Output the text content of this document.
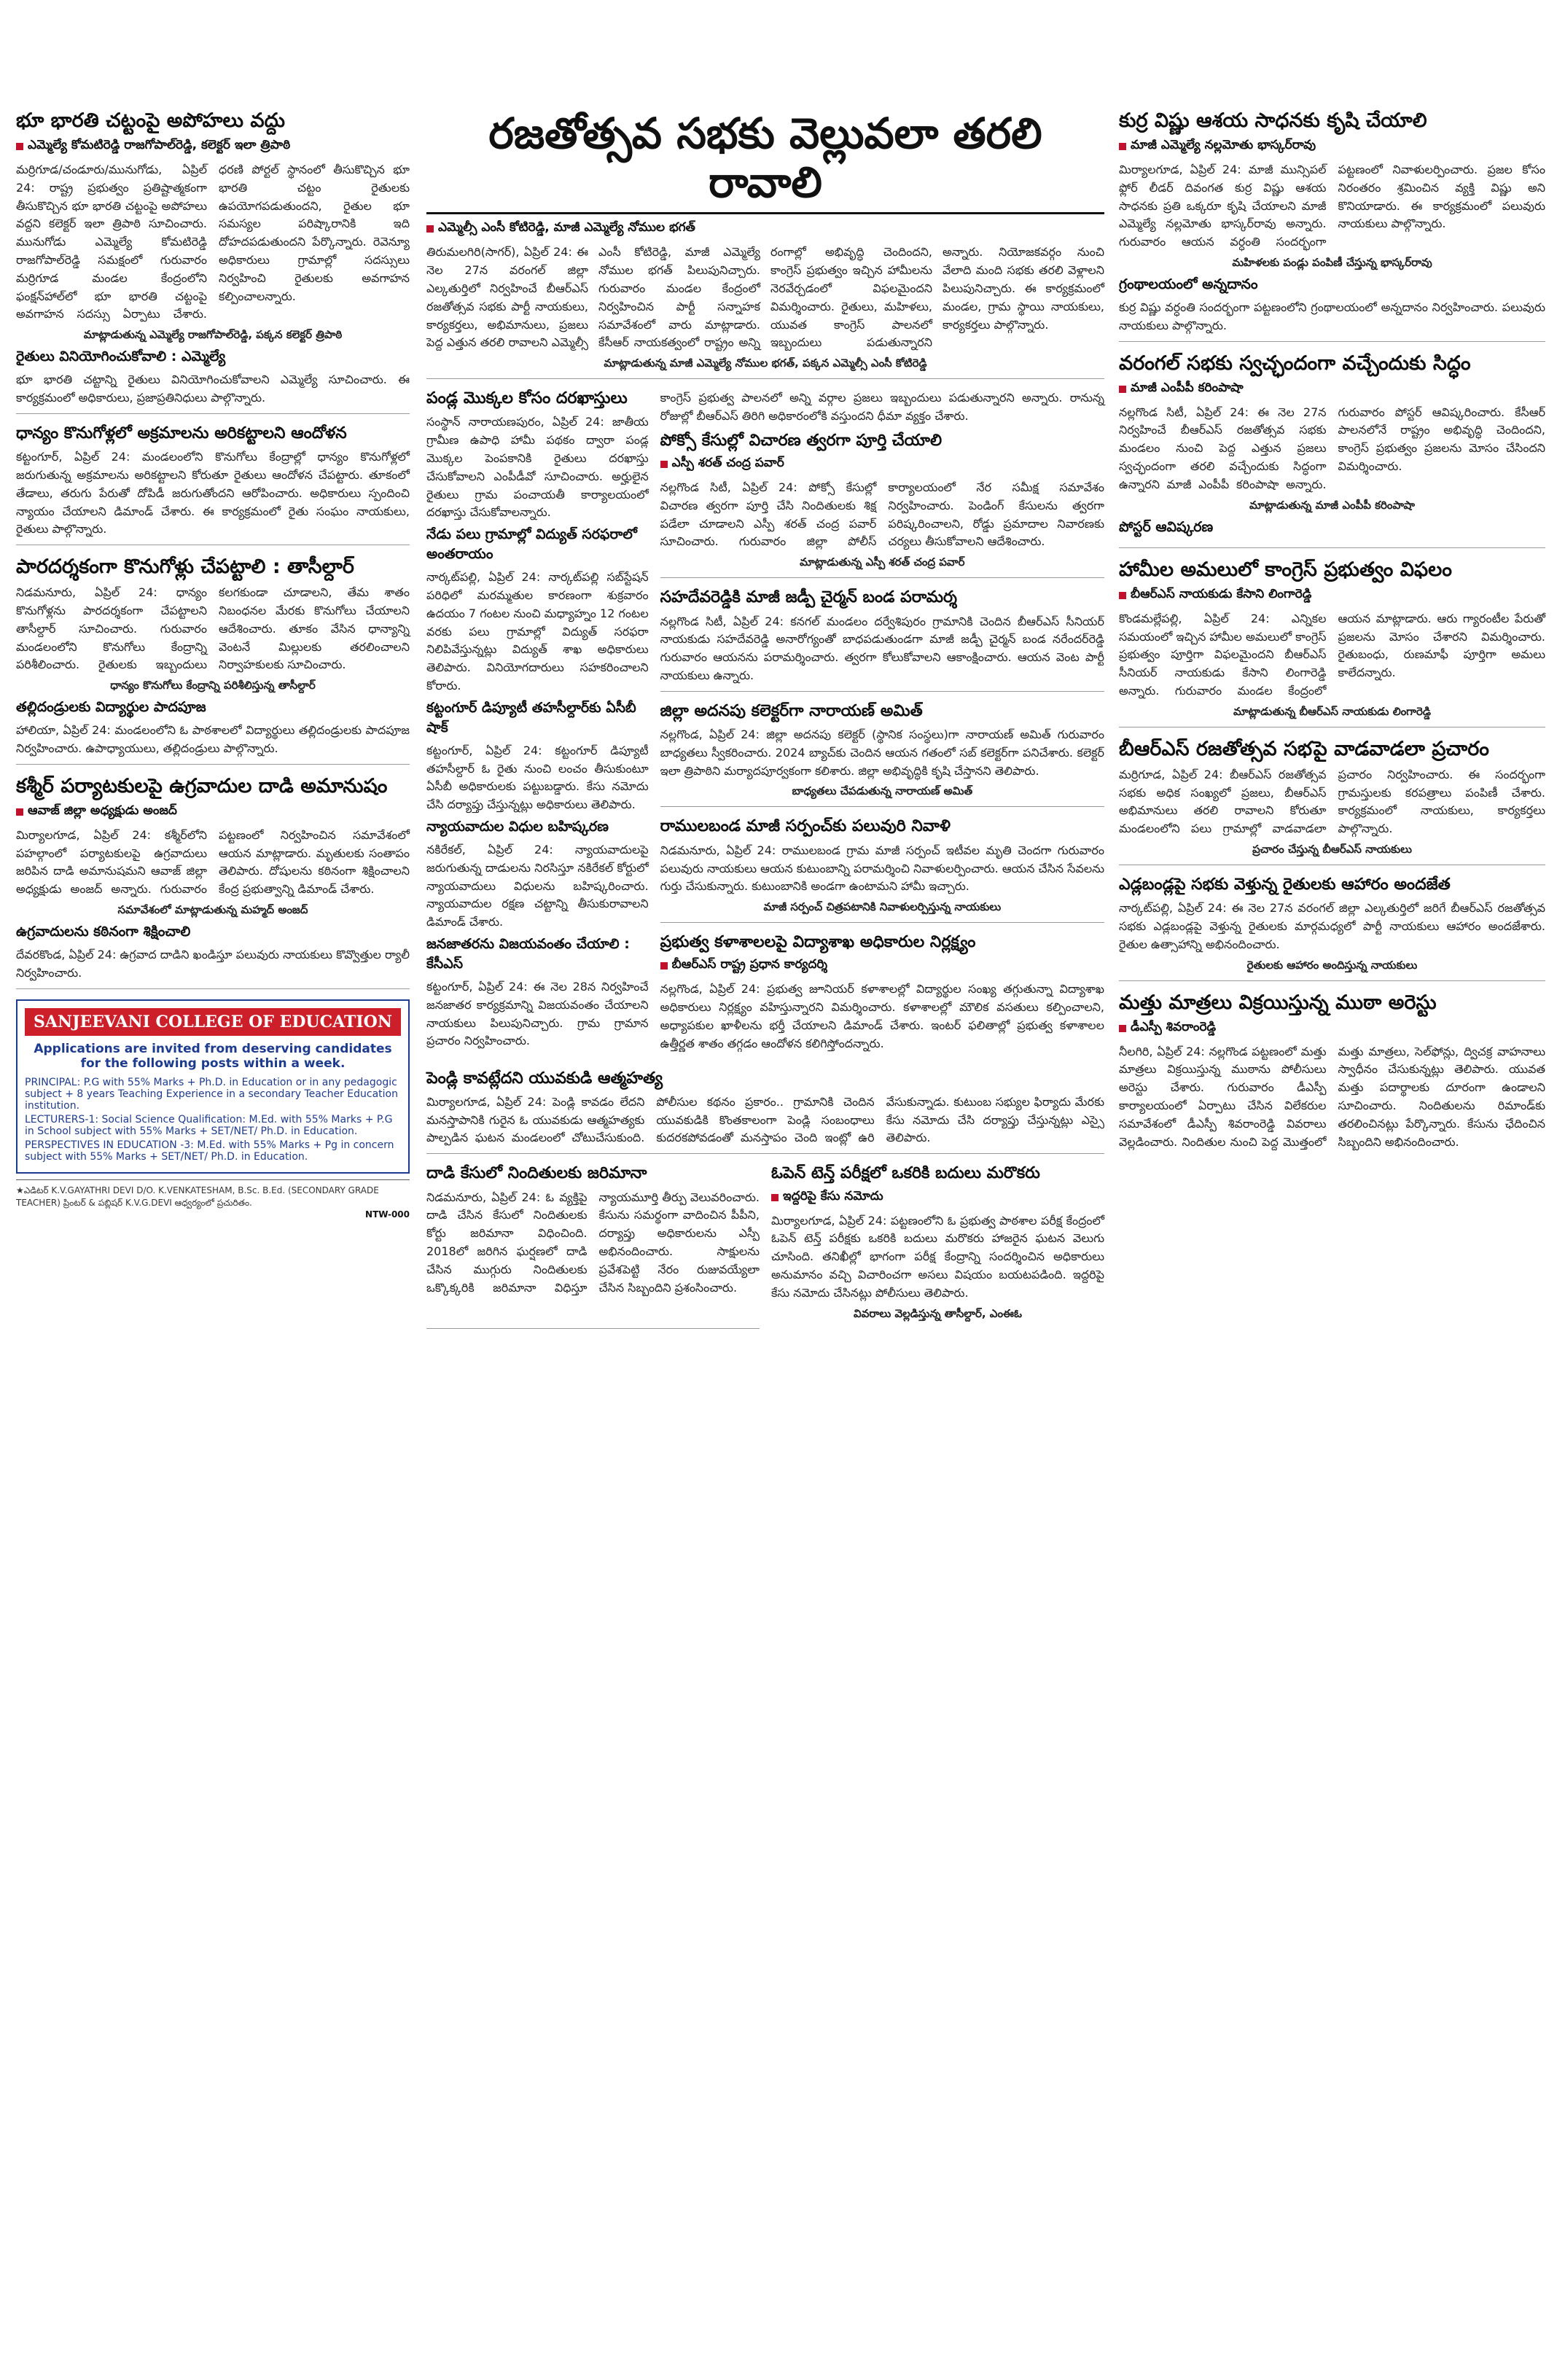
భూ భారతి చట్టంపై అపోహలు వద్దు
ఎమ్మెల్యే కోమటిరెడ్డి రాజగోపాల్‌రెడ్డి, కలెక్టర్ ఇలా త్రిపాఠి

మర్రిగూడ/చండూరు/మునుగోడు, ఏప్రిల్ 24: రాష్ట్ర ప్రభుత్వం ప్రతిష్టాత్మకంగా తీసుకొచ్చిన భూ భారతి చట్టంపై అపోహలు వద్దని కలెక్టర్ ఇలా త్రిపాఠి సూచించారు. మునుగోడు ఎమ్మెల్యే కోమటిరెడ్డి రాజగోపాల్‌రెడ్డి సమక్షంలో గురువారం మర్రిగూడ మండల కేంద్రంలోని ఫంక్షన్‌హాల్‌లో భూ భారతి చట్టంపై అవగాహన సదస్సు ఏర్పాటు చేశారు. ధరణి పోర్టల్ స్థానంలో తీసుకొచ్చిన భూ భారతి చట్టం రైతులకు ఉపయోగపడుతుందని, రైతుల భూ సమస్యల పరిష్కారానికి ఇది దోహదపడుతుందని పేర్కొన్నారు. రెవెన్యూ అధికారులు గ్రామాల్లో సదస్సులు నిర్వహించి రైతులకు అవగాహన కల్పించాలన్నారు.

మాట్లాడుతున్న ఎమ్మెల్యే రాజగోపాల్‌రెడ్డి, పక్కన కలెక్టర్ త్రిపాఠి
రైతులు వినియోగించుకోవాలి : ఎమ్మెల్యే

భూ భారతి చట్టాన్ని రైతులు వినియోగించుకోవాలని ఎమ్మెల్యే సూచించారు. ఈ కార్యక్రమంలో అధికారులు, ప్రజాప్రతినిధులు పాల్గొన్నారు.

ధాన్యం కొనుగోళ్లలో అక్రమాలను అరికట్టాలని ఆందోళన

కట్టంగూర్, ఏప్రిల్ 24: మండలంలోని కొనుగోలు కేంద్రాల్లో ధాన్యం కొనుగోళ్లలో జరుగుతున్న అక్రమాలను అరికట్టాలని కోరుతూ రైతులు ఆందోళన చేపట్టారు. తూకంలో తేడాలు, తరుగు పేరుతో దోపిడీ జరుగుతోందని ఆరోపించారు. అధికారులు స్పందించి న్యాయం చేయాలని డిమాండ్ చేశారు. ఈ కార్యక్రమంలో రైతు సంఘం నాయకులు, రైతులు పాల్గొన్నారు.

పారదర్శకంగా కొనుగోళ్లు చేపట్టాలి : తాసీల్దార్

నిడమనూరు, ఏప్రిల్ 24: ధాన్యం కొనుగోళ్లను పారదర్శకంగా చేపట్టాలని తాసీల్దార్ సూచించారు. గురువారం మండలంలోని కొనుగోలు కేంద్రాన్ని పరిశీలించారు. రైతులకు ఇబ్బందులు కలగకుండా చూడాలని, తేమ శాతం నిబంధనల మేరకు కొనుగోలు చేయాలని ఆదేశించారు. తూకం వేసిన ధాన్యాన్ని వెంటనే మిల్లులకు తరలించాలని నిర్వాహకులకు సూచించారు.

ధాన్యం కొనుగోలు కేంద్రాన్ని పరిశీలిస్తున్న తాసీల్దార్
తల్లిదండ్రులకు విద్యార్థుల పాదపూజ

హాలియా, ఏప్రిల్ 24: మండలంలోని ఓ పాఠశాలలో విద్యార్థులు తల్లిదండ్రులకు పాదపూజ నిర్వహించారు. ఉపాధ్యాయులు, తల్లిదండ్రులు పాల్గొన్నారు.

కశ్మీర్ పర్యాటకులపై ఉగ్రవాదుల దాడి అమానుషం
ఆవాజ్ జిల్లా అధ్యక్షుడు అంజద్

మిర్యాలగూడ, ఏప్రిల్ 24: కశ్మీర్‌లోని పహల్గాంలో పర్యాటకులపై ఉగ్రవాదులు జరిపిన దాడి అమానుషమని ఆవాజ్ జిల్లా అధ్యక్షుడు అంజద్ అన్నారు. గురువారం పట్టణంలో నిర్వహించిన సమావేశంలో ఆయన మాట్లాడారు. మృతులకు సంతాపం తెలిపారు. దోషులను కఠినంగా శిక్షించాలని కేంద్ర ప్రభుత్వాన్ని డిమాండ్ చేశారు.

సమావేశంలో మాట్లాడుతున్న మహ్మద్ అంజద్
ఉగ్రవాదులను కఠినంగా శిక్షించాలి

దేవరకొండ, ఏప్రిల్ 24: ఉగ్రవాద దాడిని ఖండిస్తూ పలువురు నాయకులు కొవ్వొత్తుల ర్యాలీ నిర్వహించారు.

SANJEEVANI COLLEGE OF EDUCATION
Applications are invited from deserving candidates for the following posts within a week.
PRINCIPAL: P.G with 55% Marks + Ph.D. in Education or in any pedagogic subject + 8 years Teaching Experience in a secondary Teacher Education institution.
LECTURERS-1: Social Science Qualification: M.Ed. with 55% Marks + P.G in School subject with 55% Marks + SET/NET/ Ph.D. in Education.
PERSPECTIVES IN EDUCATION -3: M.Ed. with 55% Marks + Pg in concern subject with 55% Marks + SET/NET/ Ph.D. in Education.
★ఎడిటర్ K.V.GAYATHRI DEVI D/O. K.VENKATESHAM, B.Sc. B.Ed. (SECONDARY GRADE TEACHER) ప్రింటర్ & పబ్లిషర్ K.V.G.DEVI ఆధ్వర్యంలో ప్రచురితం.
NTW-000
రజతోత్సవ సభకు వెల్లువలా తరలి రావాలి
ఎమ్మెల్సీ ఎంసీ కోటిరెడ్డి, మాజీ ఎమ్మెల్యే నోముల భగత్

తిరుమలగిరి(సాగర్), ఏప్రిల్ 24: ఈ నెల 27న వరంగల్ జిల్లా ఎల్కతుర్తిలో నిర్వహించే బీఆర్ఎస్ రజతోత్సవ సభకు పార్టీ నాయకులు, కార్యకర్తలు, అభిమానులు, ప్రజలు పెద్ద ఎత్తున తరలి రావాలని ఎమ్మెల్సీ ఎంసీ కోటిరెడ్డి, మాజీ ఎమ్మెల్యే నోముల భగత్ పిలుపునిచ్చారు. గురువారం మండల కేంద్రంలో నిర్వహించిన పార్టీ సన్నాహక సమావేశంలో వారు మాట్లాడారు. కేసీఆర్ నాయకత్వంలో రాష్ట్రం అన్ని రంగాల్లో అభివృద్ధి చెందిందని, కాంగ్రెస్ ప్రభుత్వం ఇచ్చిన హామీలను నెరవేర్చడంలో విఫలమైందని విమర్శించారు. రైతులు, మహిళలు, యువత కాంగ్రెస్ పాలనలో ఇబ్బందులు పడుతున్నారని అన్నారు. నియోజకవర్గం నుంచి వేలాది మంది సభకు తరలి వెళ్లాలని పిలుపునిచ్చారు. ఈ కార్యక్రమంలో మండల, గ్రామ స్థాయి నాయకులు, కార్యకర్తలు పాల్గొన్నారు.

మాట్లాడుతున్న మాజీ ఎమ్మెల్యే నోముల భగత్, పక్కన ఎమ్మెల్సీ ఎంసీ కోటిరెడ్డి
పండ్ల మొక్కల కోసం దరఖాస్తులు

సంస్థాన్ నారాయణపురం, ఏప్రిల్ 24: జాతీయ గ్రామీణ ఉపాధి హామీ పథకం ద్వారా పండ్ల మొక్కల పెంపకానికి రైతులు దరఖాస్తు చేసుకోవాలని ఎంపీడీవో సూచించారు. అర్హులైన రైతులు గ్రామ పంచాయతీ కార్యాలయంలో దరఖాస్తు చేసుకోవాలన్నారు.

నేడు పలు గ్రామాల్లో విద్యుత్ సరఫరాలో అంతరాయం

నార్కట్‌పల్లి, ఏప్రిల్ 24: నార్కట్‌పల్లి సబ్‌స్టేషన్ పరిధిలో మరమ్మతుల కారణంగా శుక్రవారం ఉదయం 7 గంటల నుంచి మధ్యాహ్నం 12 గంటల వరకు పలు గ్రామాల్లో విద్యుత్ సరఫరా నిలిపివేస్తున్నట్లు విద్యుత్ శాఖ అధికారులు తెలిపారు. వినియోగదారులు సహకరించాలని కోరారు.

కట్టంగూర్ డిప్యూటీ తహసీల్దార్‌కు ఏసీబీ షాక్

కట్టంగూర్, ఏప్రిల్ 24: కట్టంగూర్ డిప్యూటీ తహసీల్దార్ ఓ రైతు నుంచి లంచం తీసుకుంటూ ఏసీబీ అధికారులకు పట్టుబడ్డారు. కేసు నమోదు చేసి దర్యాప్తు చేస్తున్నట్లు అధికారులు తెలిపారు.

న్యాయవాదుల విధుల బహిష్కరణ

నకిరేకల్, ఏప్రిల్ 24: న్యాయవాదులపై జరుగుతున్న దాడులను నిరసిస్తూ నకిరేకల్ కోర్టులో న్యాయవాదులు విధులను బహిష్కరించారు. న్యాయవాదుల రక్షణ చట్టాన్ని తీసుకురావాలని డిమాండ్ చేశారు.

జనజాతరను విజయవంతం చేయాలి : కేసీఎస్

కట్టంగూర్, ఏప్రిల్ 24: ఈ నెల 28న నిర్వహించే జనజాతర కార్యక్రమాన్ని విజయవంతం చేయాలని నాయకులు పిలుపునిచ్చారు. గ్రామ గ్రామాన ప్రచారం నిర్వహించారు.

కాంగ్రెస్ ప్రభుత్వ పాలనలో అన్ని వర్గాల ప్రజలు ఇబ్బందులు పడుతున్నారని అన్నారు. రానున్న రోజుల్లో బీఆర్ఎస్ తిరిగి అధికారంలోకి వస్తుందని ధీమా వ్యక్తం చేశారు.

పోక్సో కేసుల్లో విచారణ త్వరగా పూర్తి చేయాలి
ఎస్పీ శరత్ చంద్ర పవార్

నల్లగొండ సిటీ, ఏప్రిల్ 24: పోక్సో కేసుల్లో విచారణ త్వరగా పూర్తి చేసి నిందితులకు శిక్ష పడేలా చూడాలని ఎస్పీ శరత్ చంద్ర పవార్ సూచించారు. గురువారం జిల్లా పోలీస్ కార్యాలయంలో నేర సమీక్ష సమావేశం నిర్వహించారు. పెండింగ్ కేసులను త్వరగా పరిష్కరించాలని, రోడ్డు ప్రమాదాల నివారణకు చర్యలు తీసుకోవాలని ఆదేశించారు.

మాట్లాడుతున్న ఎస్పీ శరత్ చంద్ర పవార్
సహదేవరెడ్డికి మాజీ జడ్పీ చైర్మన్ బండ పరామర్శ

నల్లగొండ సిటీ, ఏప్రిల్ 24: కనగల్ మండలం దర్వేశిపురం గ్రామానికి చెందిన బీఆర్ఎస్ సీనియర్ నాయకుడు సహదేవరెడ్డి అనారోగ్యంతో బాధపడుతుండగా మాజీ జడ్పీ చైర్మన్ బండ నరేందర్‌రెడ్డి గురువారం ఆయనను పరామర్శించారు. త్వరగా కోలుకోవాలని ఆకాంక్షించారు. ఆయన వెంట పార్టీ నాయకులు ఉన్నారు.

జిల్లా అదనపు కలెక్టర్‌గా నారాయణ్ అమిత్

నల్లగొండ, ఏప్రిల్ 24: జిల్లా అదనపు కలెక్టర్ (స్థానిక సంస్థలు)గా నారాయణ్ అమిత్ గురువారం బాధ్యతలు స్వీకరించారు. 2024 బ్యాచ్‌కు చెందిన ఆయన గతంలో సబ్ కలెక్టర్‌గా పనిచేశారు. కలెక్టర్ ఇలా త్రిపాఠిని మర్యాదపూర్వకంగా కలిశారు. జిల్లా అభివృద్ధికి కృషి చేస్తానని తెలిపారు.

బాధ్యతలు చేపడుతున్న నారాయణ్ అమిత్
రాములబండ మాజీ సర్పంచ్‌కు పలువురి నివాళి

నిడమనూరు, ఏప్రిల్ 24: రాములబండ గ్రామ మాజీ సర్పంచ్ ఇటీవల మృతి చెందగా గురువారం పలువురు నాయకులు ఆయన కుటుంబాన్ని పరామర్శించి నివాళులర్పించారు. ఆయన చేసిన సేవలను గుర్తు చేసుకున్నారు. కుటుంబానికి అండగా ఉంటామని హామీ ఇచ్చారు.

మాజీ సర్పంచ్ చిత్రపటానికి నివాళులర్పిస్తున్న నాయకులు
ప్రభుత్వ కళాశాలలపై విద్యాశాఖ అధికారుల నిర్లక్ష్యం
బీఆర్ఎస్ రాష్ట్ర ప్రధాన కార్యదర్శి

నల్లగొండ, ఏప్రిల్ 24: ప్రభుత్వ జూనియర్ కళాశాలల్లో విద్యార్థుల సంఖ్య తగ్గుతున్నా విద్యాశాఖ అధికారులు నిర్లక్ష్యం వహిస్తున్నారని విమర్శించారు. కళాశాలల్లో మౌలిక వసతులు కల్పించాలని, అధ్యాపకుల ఖాళీలను భర్తీ చేయాలని డిమాండ్ చేశారు. ఇంటర్ ఫలితాల్లో ప్రభుత్వ కళాశాలల ఉత్తీర్ణత శాతం తగ్గడం ఆందోళన కలిగిస్తోందన్నారు.

పెండ్లి కావట్లేదని యువకుడి ఆత్మహత్య

మిర్యాలగూడ, ఏప్రిల్ 24: పెండ్లి కావడం లేదని మనస్తాపానికి గురైన ఓ యువకుడు ఆత్మహత్యకు పాల్పడిన ఘటన మండలంలో చోటుచేసుకుంది. పోలీసుల కథనం ప్రకారం.. గ్రామానికి చెందిన యువకుడికి కొంతకాలంగా పెండ్లి సంబంధాలు కుదరకపోవడంతో మనస్తాపం చెంది ఇంట్లో ఉరి వేసుకున్నాడు. కుటుంబ సభ్యుల ఫిర్యాదు మేరకు కేసు నమోదు చేసి దర్యాప్తు చేస్తున్నట్లు ఎస్సై తెలిపారు.

దాడి కేసులో నిందితులకు జరిమానా

నిడమనూరు, ఏప్రిల్ 24: ఓ వ్యక్తిపై దాడి చేసిన కేసులో నిందితులకు కోర్టు జరిమానా విధించింది. 2018లో జరిగిన ఘర్షణలో దాడి చేసిన ముగ్గురు నిందితులకు ఒక్కొక్కరికి జరిమానా విధిస్తూ న్యాయమూర్తి తీర్పు వెలువరించారు. కేసును సమర్థంగా వాదించిన పీపీని, దర్యాప్తు అధికారులను ఎస్పీ అభినందించారు. సాక్షులను ప్రవేశపెట్టి నేరం రుజువయ్యేలా చేసిన సిబ్బందిని ప్రశంసించారు.

ఓపెన్ టెన్త్ పరీక్షలో ఒకరికి బదులు మరొకరు
ఇద్దరిపై కేసు నమోదు

మిర్యాలగూడ, ఏప్రిల్ 24: పట్టణంలోని ఓ ప్రభుత్వ పాఠశాల పరీక్ష కేంద్రంలో ఓపెన్ టెన్త్ పరీక్షకు ఒకరికి బదులు మరొకరు హాజరైన ఘటన వెలుగు చూసింది. తనిఖీల్లో భాగంగా పరీక్ష కేంద్రాన్ని సందర్శించిన అధికారులు అనుమానం వచ్చి విచారించగా అసలు విషయం బయటపడింది. ఇద్దరిపై కేసు నమోదు చేసినట్లు పోలీసులు తెలిపారు.

వివరాలు వెల్లడిస్తున్న తాసీల్దార్, ఎంఈఓ
కుర్ర విష్ణు ఆశయ సాధనకు కృషి చేయాలి
మాజీ ఎమ్మెల్యే నల్లమోతు భాస్కర్‌రావు

మిర్యాలగూడ, ఏప్రిల్ 24: మాజీ మున్సిపల్ ఫ్లోర్ లీడర్ దివంగత కుర్ర విష్ణు ఆశయ సాధనకు ప్రతి ఒక్కరూ కృషి చేయాలని మాజీ ఎమ్మెల్యే నల్లమోతు భాస్కర్‌రావు అన్నారు. గురువారం ఆయన వర్ధంతి సందర్భంగా పట్టణంలో నివాళులర్పించారు. ప్రజల కోసం నిరంతరం శ్రమించిన వ్యక్తి విష్ణు అని కొనియాడారు. ఈ కార్యక్రమంలో పలువురు నాయకులు పాల్గొన్నారు.

మహిళలకు పండ్లు పంపిణీ చేస్తున్న భాస్కర్‌రావు
గ్రంథాలయంలో అన్నదానం

కుర్ర విష్ణు వర్ధంతి సందర్భంగా పట్టణంలోని గ్రంథాలయంలో అన్నదానం నిర్వహించారు. పలువురు నాయకులు పాల్గొన్నారు.

వరంగల్ సభకు స్వచ్ఛందంగా వచ్చేందుకు సిద్ధం
మాజీ ఎంపీపీ కరింపాషా

నల్లగొండ సిటీ, ఏప్రిల్ 24: ఈ నెల 27న నిర్వహించే బీఆర్ఎస్ రజతోత్సవ సభకు మండలం నుంచి పెద్ద ఎత్తున ప్రజలు స్వచ్ఛందంగా తరలి వచ్చేందుకు సిద్ధంగా ఉన్నారని మాజీ ఎంపీపీ కరింపాషా అన్నారు. గురువారం పోస్టర్ ఆవిష్కరించారు. కేసీఆర్ పాలనలోనే రాష్ట్రం అభివృద్ధి చెందిందని, కాంగ్రెస్ ప్రభుత్వం ప్రజలను మోసం చేసిందని విమర్శించారు.

మాట్లాడుతున్న మాజీ ఎంపీపీ కరింపాషా
పోస్టర్ ఆవిష్కరణ
హామీల అమలులో కాంగ్రెస్ ప్రభుత్వం విఫలం
బీఆర్ఎస్ నాయకుడు కేసాని లింగారెడ్డి

కొండమల్లేపల్లి, ఏప్రిల్ 24: ఎన్నికల సమయంలో ఇచ్చిన హామీల అమలులో కాంగ్రెస్ ప్రభుత్వం పూర్తిగా విఫలమైందని బీఆర్ఎస్ సీనియర్ నాయకుడు కేసాని లింగారెడ్డి అన్నారు. గురువారం మండల కేంద్రంలో ఆయన మాట్లాడారు. ఆరు గ్యారంటీల పేరుతో ప్రజలను మోసం చేశారని విమర్శించారు. రైతుబంధు, రుణమాఫీ పూర్తిగా అమలు కాలేదన్నారు.

మాట్లాడుతున్న బీఆర్ఎస్ నాయకుడు లింగారెడ్డి
బీఆర్ఎస్ రజతోత్సవ సభపై వాడవాడలా ప్రచారం

మర్రిగూడ, ఏప్రిల్ 24: బీఆర్ఎస్ రజతోత్సవ సభకు అధిక సంఖ్యలో ప్రజలు, బీఆర్ఎస్ అభిమానులు తరలి రావాలని కోరుతూ మండలంలోని పలు గ్రామాల్లో వాడవాడలా ప్రచారం నిర్వహించారు. ఈ సందర్భంగా గ్రామస్తులకు కరపత్రాలు పంపిణీ చేశారు. కార్యక్రమంలో నాయకులు, కార్యకర్తలు పాల్గొన్నారు.

ప్రచారం చేస్తున్న బీఆర్ఎస్ నాయకులు
ఎడ్లబండ్లపై సభకు వెళ్తున్న రైతులకు ఆహారం అందజేత

నార్కట్‌పల్లి, ఏప్రిల్ 24: ఈ నెల 27న వరంగల్ జిల్లా ఎల్కతుర్తిలో జరిగే బీఆర్ఎస్ రజతోత్సవ సభకు ఎడ్లబండ్లపై వెళ్తున్న రైతులకు మార్గమధ్యలో పార్టీ నాయకులు ఆహారం అందజేశారు. రైతుల ఉత్సాహాన్ని అభినందించారు.

రైతులకు ఆహారం అందిస్తున్న నాయకులు
మత్తు మాత్రలు విక్రయిస్తున్న ముఠా అరెస్టు
డీఎస్పీ శివరాంరెడ్డి

నీలగిరి, ఏప్రిల్ 24: నల్లగొండ పట్టణంలో మత్తు మాత్రలు విక్రయిస్తున్న ముఠాను పోలీసులు అరెస్టు చేశారు. గురువారం డీఎస్పీ కార్యాలయంలో ఏర్పాటు చేసిన విలేకరుల సమావేశంలో డీఎస్పీ శివరాంరెడ్డి వివరాలు వెల్లడించారు. నిందితుల నుంచి పెద్ద మొత్తంలో మత్తు మాత్రలు, సెల్‌ఫోన్లు, ద్విచక్ర వాహనాలు స్వాధీనం చేసుకున్నట్లు తెలిపారు. యువత మత్తు పదార్థాలకు దూరంగా ఉండాలని సూచించారు. నిందితులను రిమాండ్‌కు తరలించినట్లు పేర్కొన్నారు. కేసును ఛేదించిన సిబ్బందిని అభినందించారు.
